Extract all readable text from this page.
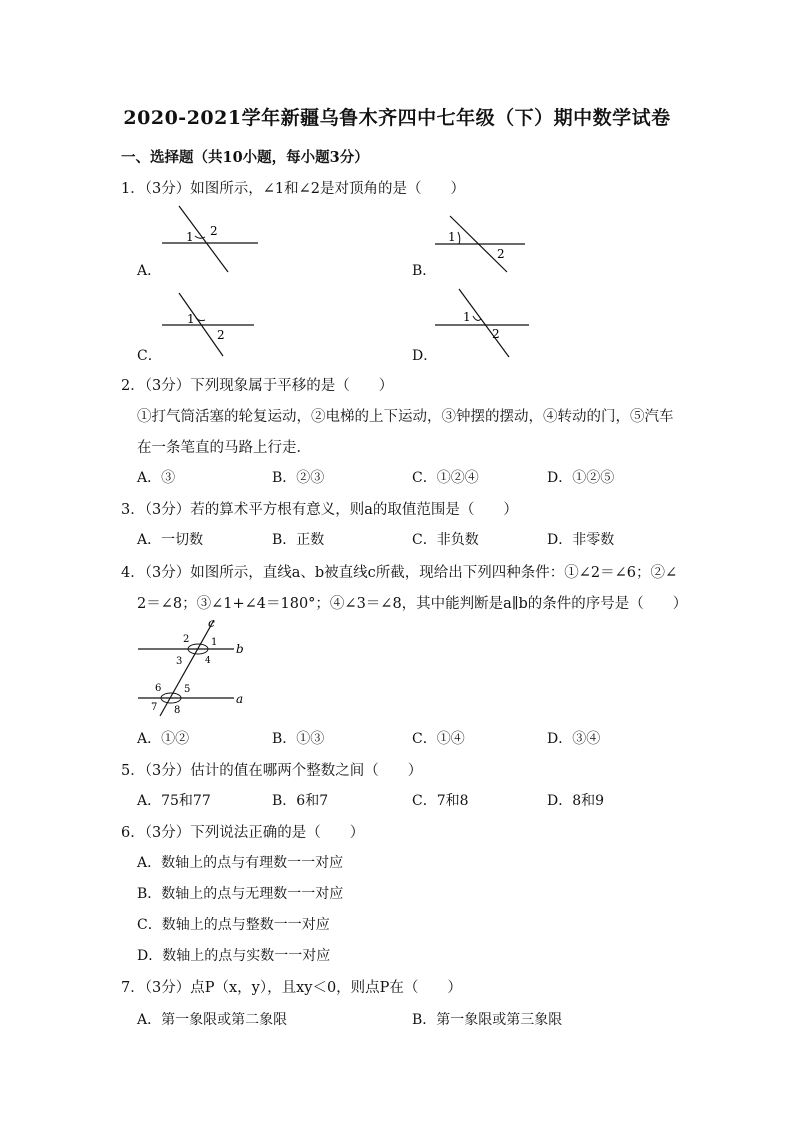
2020-2021学年新疆乌鲁木齐四中七年级（下）期中数学试卷
一、选择题（共10小题，每小题3分）
1．（3分）如图所示，∠1和∠2是对顶角的是（　　）
1 2
A．
1
2
B．
1
2
C．
1
2
D．
2．（3分）下列现象属于平移的是（　　）
①打气筒活塞的轮复运动，②电梯的上下运动，③钟摆的摆动，④转动的门，⑤汽车
在一条笔直的马路上行走．
A．③	B．②③	C．①②④	D．①②⑤
3．（3分）若的算术平方根有意义，则a的取值范围是（　　）
A．一切数	B．正数	C．非负数	D．非零数
4．（3分）如图所示，直线a、b被直线c所截，现给出下列四种条件：①∠2＝∠6；②∠
2＝∠8；③∠1+∠4＝180°；④∠3＝∠8，其中能判断是a∥b的条件的序号是（　　）
c
b
a
2 1
3	4
6 5
7 8
A．①②	B．①③	C．①④	D．③④
5．（3分）估计的值在哪两个整数之间（　　）
A．75和77	B．6和7	C．7和8	D．8和9
6．（3分）下列说法正确的是（　　）
A．数轴上的点与有理数一一对应
B．数轴上的点与无理数一一对应
C．数轴上的点与整数一一对应
D．数轴上的点与实数一一对应
7．（3分）点P（x，y），且xy＜0，则点P在（　　）
A．第一象限或第二象限	B．第一象限或第三象限
